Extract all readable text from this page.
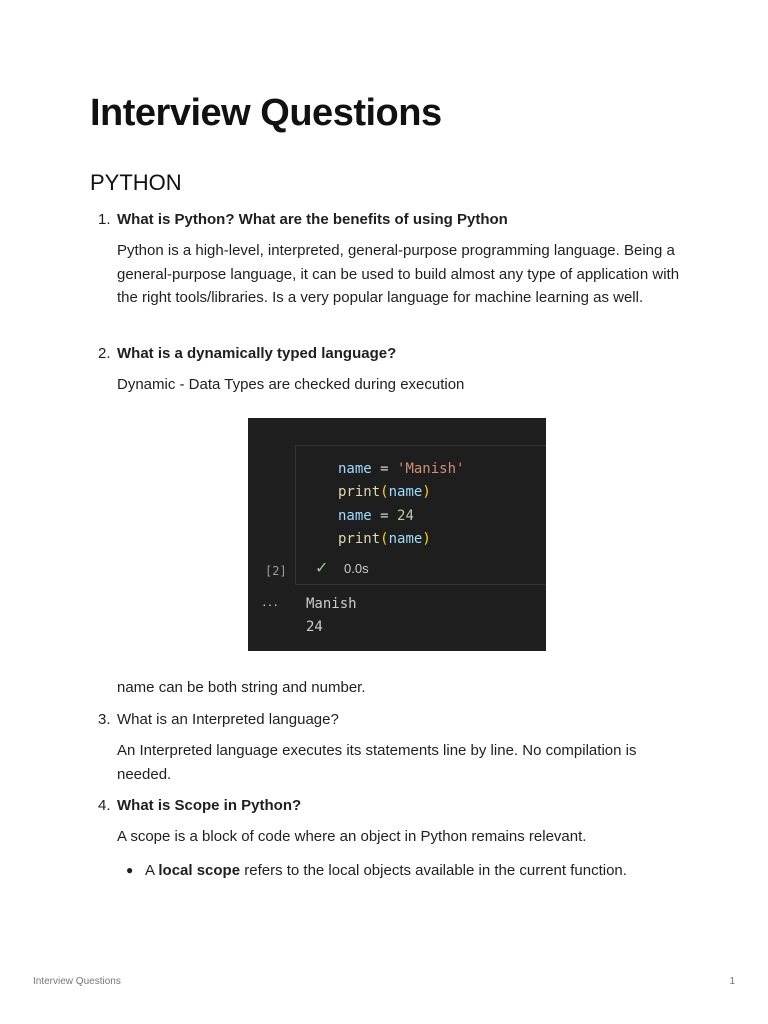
Interview Questions
PYTHON
1. What is Python? What are the benefits of using Python

Python is a high-level, interpreted, general-purpose programming language. Being a general-purpose language, it can be used to build almost any type of application with the right tools/libraries. Is a very popular language for machine learning as well.

2. What is a dynamically typed language?

Dynamic - Data Types are checked during execution

name = 'Manish'
print(name)
name = 24
print(name)
[2] ✓ 0.0s
··· Manish
24

name can be both string and number.

3. What is an Interpreted language?

An Interpreted language executes its statements line by line. No compilation is needed.

4. What is Scope in Python?

A scope is a block of code where an object in Python remains relevant.

● A local scope refers to the local objects available in the current function.
Interview Questions	1
